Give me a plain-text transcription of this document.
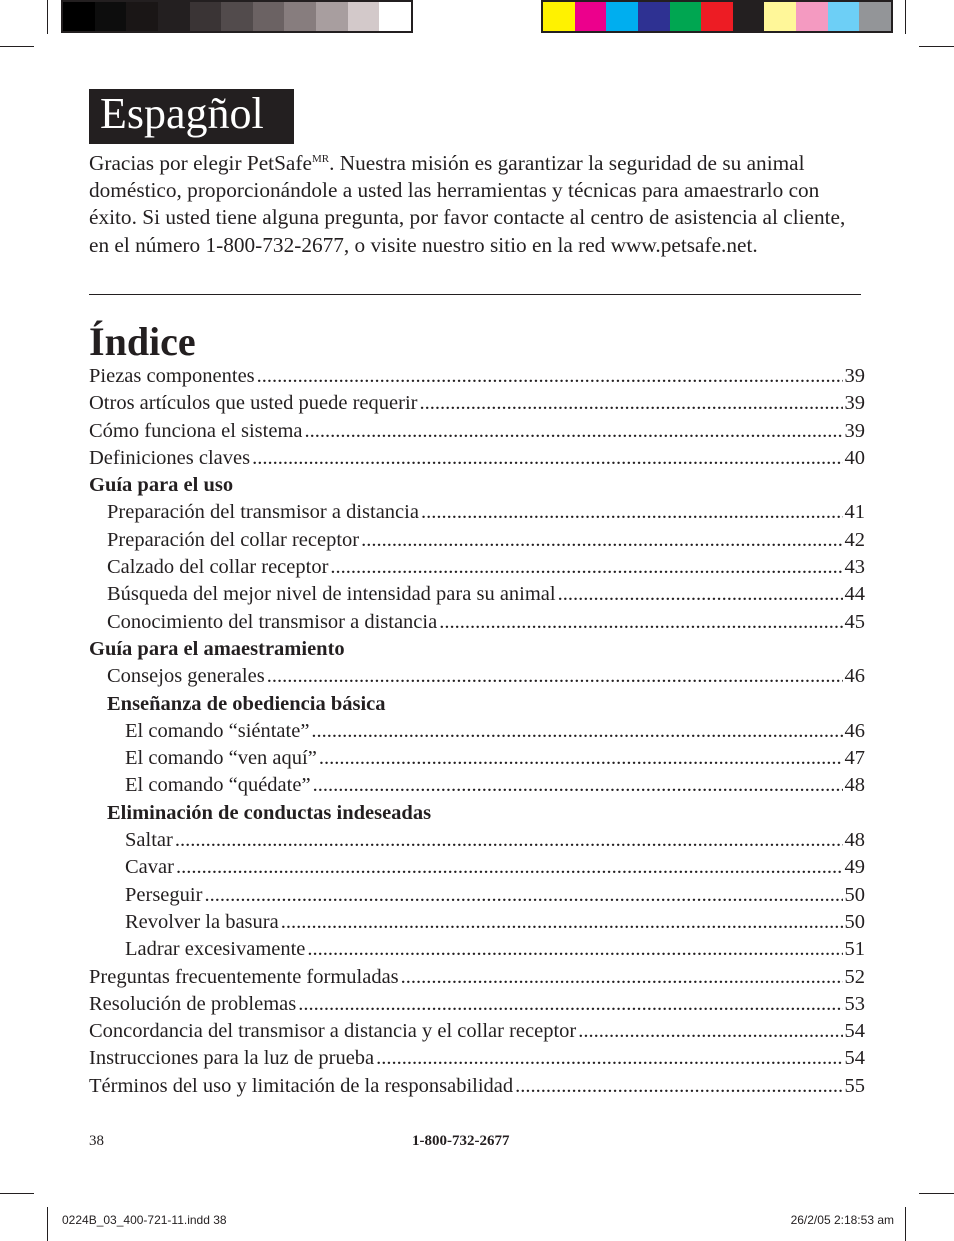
Espagñol
Gracias por elegir PetSafe$^{MR}$. Nuestra misión es garantizar la seguridad de su animal doméstico, proporcionándole a usted las herramientas y técnicas para amaestrarlo con éxito. Si usted tiene alguna pregunta, por favor contacte al centro de asistencia al cliente, en el número 1-800-732-2677, o visite nuestro sitio en la red www.petsafe.net.
Índice
Piezas componentes .....	39
Otros artículos que usted puede requerir .....	39
Cómo funciona el sistema .....	39
Definiciones claves .....	40
Guía para el uso
Preparación del transmisor a distancia .....	41
Preparación del collar receptor .....	42
Calzado del collar receptor .....	43
Búsqueda del mejor nivel de intensidad para su animal .....	44
Conocimiento del transmisor a distancia .....	45
Guía para el amaestramiento
Consejos generales .....	46
Enseñanza de obediencia básica
El comando “siéntate” .....	46
El comando “ven aquí” .....	47
El comando “quédate” .....	48
Eliminación de conductas indeseadas
Saltar .....	48
Cavar .....	49
Perseguir .....	50
Revolver la basura .....	50
Ladrar excesivamente .....	51
Preguntas frecuentemente formuladas .....	52
Resolución de problemas .....	53
Concordancia del transmisor a distancia y el collar receptor .....	54
Instrucciones para la luz de prueba .....	54
Términos del uso y limitación de la responsabilidad .....	55
38	1-800-732-2677
0224B_03_400-721-11.indd 38	26/2/05 2:18:53 am
